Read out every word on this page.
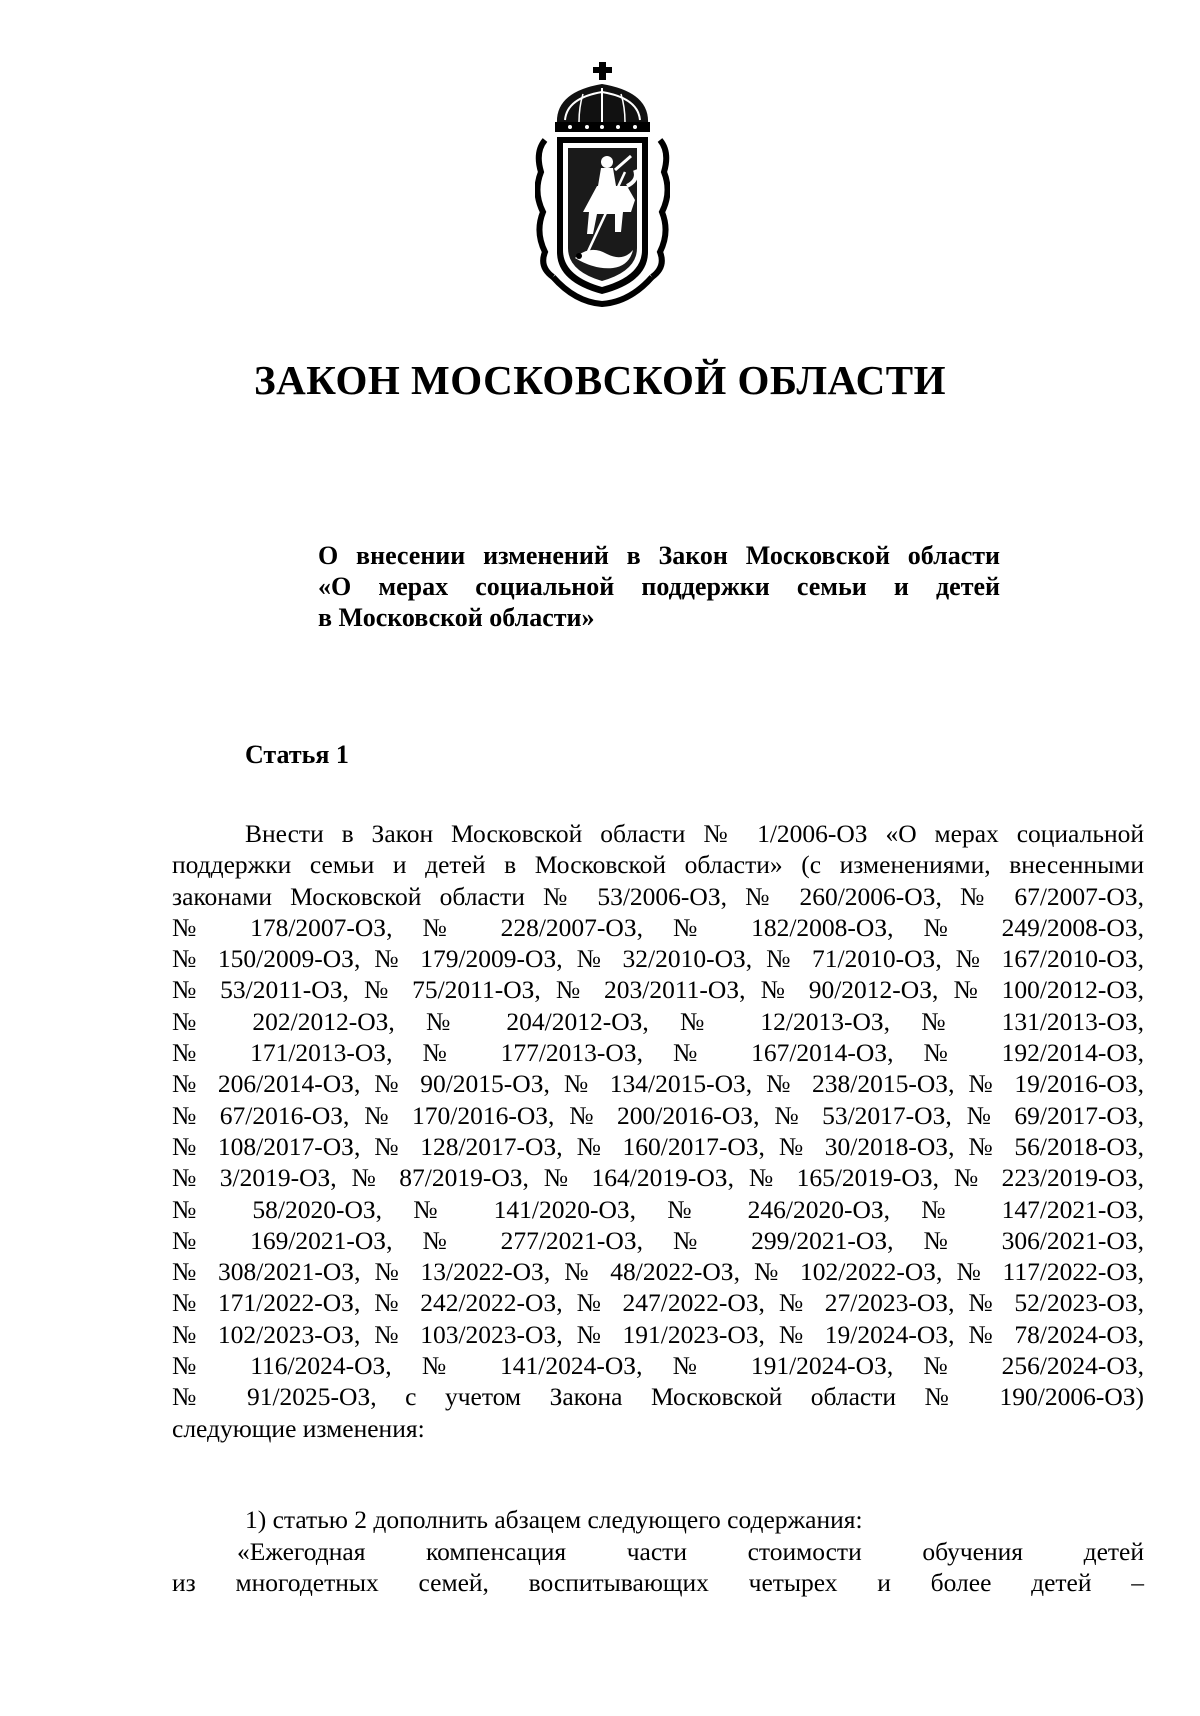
ЗАКОН МОСКОВСКОЙ ОБЛАСТИ
О внесении изменений в Закон Московской области
«О мерах социальной поддержки семьи и детей
в Московской области»
Статья 1
Внести в Закон Московской области № 1/2006-ОЗ «О мерах социальной
поддержки семьи и детей в Московской области» (с изменениями, внесенными
законами Московской области № 53/2006-ОЗ, № 260/2006-ОЗ, № 67/2007-ОЗ,
№ 178/2007-ОЗ, № 228/2007-ОЗ, № 182/2008-ОЗ, № 249/2008-ОЗ,
№ 150/2009-ОЗ, № 179/2009-ОЗ, № 32/2010-ОЗ, № 71/2010-ОЗ, № 167/2010-ОЗ,
№ 53/2011-ОЗ, № 75/2011-ОЗ, № 203/2011-ОЗ, № 90/2012-ОЗ, № 100/2012-ОЗ,
№ 202/2012-ОЗ, № 204/2012-ОЗ, № 12/2013-ОЗ, № 131/2013-ОЗ,
№ 171/2013-ОЗ, № 177/2013-ОЗ, № 167/2014-ОЗ, № 192/2014-ОЗ,
№ 206/2014-ОЗ, № 90/2015-ОЗ, № 134/2015-ОЗ, № 238/2015-ОЗ, № 19/2016-ОЗ,
№ 67/2016-ОЗ, № 170/2016-ОЗ, № 200/2016-ОЗ, № 53/2017-ОЗ, № 69/2017-ОЗ,
№ 108/2017-ОЗ, № 128/2017-ОЗ, № 160/2017-ОЗ, № 30/2018-ОЗ, № 56/2018-ОЗ,
№ 3/2019-ОЗ, № 87/2019-ОЗ, № 164/2019-ОЗ, № 165/2019-ОЗ, № 223/2019-ОЗ,
№ 58/2020-ОЗ, № 141/2020-ОЗ, № 246/2020-ОЗ, № 147/2021-ОЗ,
№ 169/2021-ОЗ, № 277/2021-ОЗ, № 299/2021-ОЗ, № 306/2021-ОЗ,
№ 308/2021-ОЗ, № 13/2022-ОЗ, № 48/2022-ОЗ, № 102/2022-ОЗ, № 117/2022-ОЗ,
№ 171/2022-ОЗ, № 242/2022-ОЗ, № 247/2022-ОЗ, № 27/2023-ОЗ, № 52/2023-ОЗ,
№ 102/2023-ОЗ, № 103/2023-ОЗ, № 191/2023-ОЗ, № 19/2024-ОЗ, № 78/2024-ОЗ,
№ 116/2024-ОЗ, № 141/2024-ОЗ, № 191/2024-ОЗ, № 256/2024-ОЗ,
№ 91/2025-ОЗ, с учетом Закона Московской области № 190/2006-ОЗ)
следующие изменения:
1) статью 2 дополнить абзацем следующего содержания:
«Ежегодная компенсация части стоимости обучения детей
из многодетных семей, воспитывающих четырех и более детей –
